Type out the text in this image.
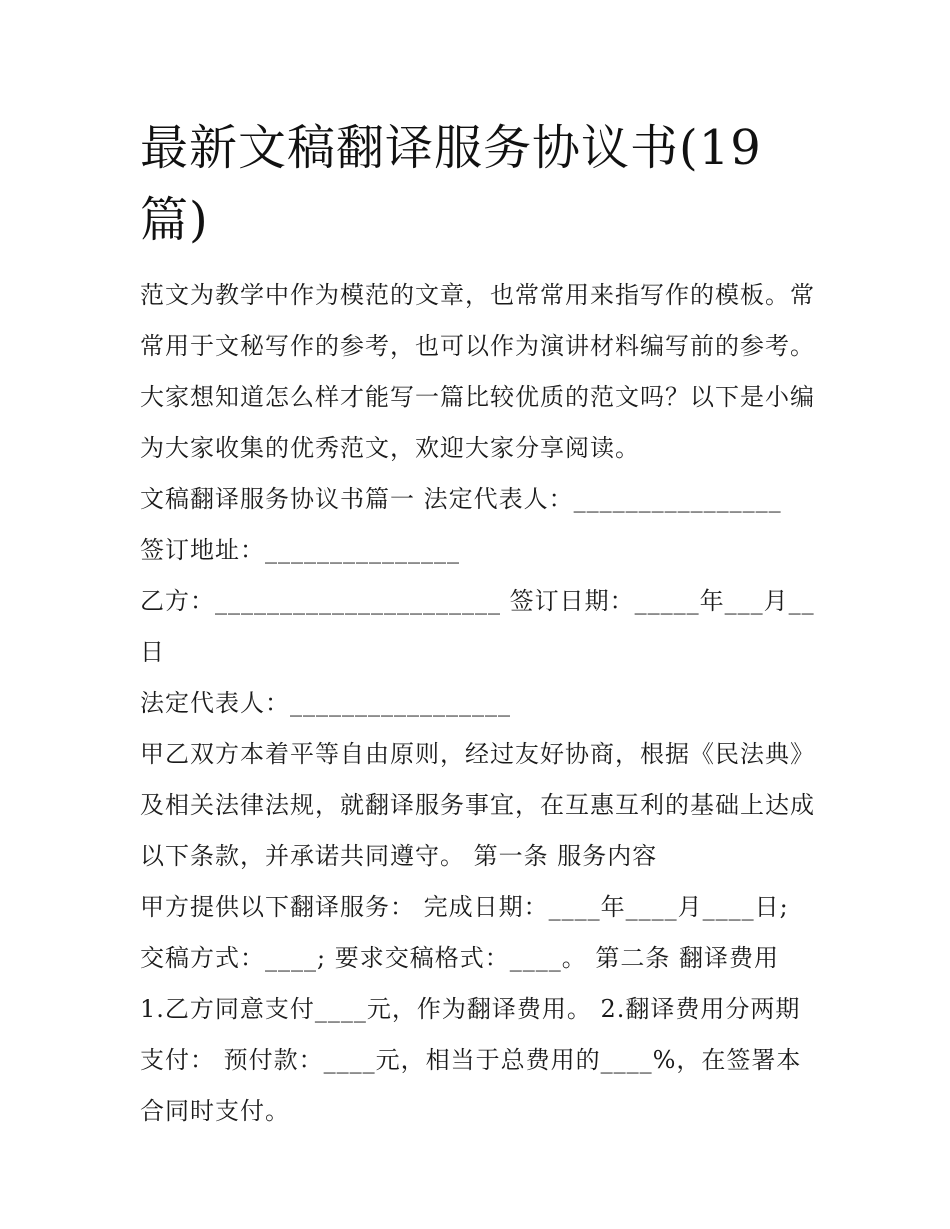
最新文稿翻译服务协议书(19篇)

范文为教学中作为模范的文章，也常常用来指写作的模板。常常用于文秘写作的参考，也可以作为演讲材料编写前的参考。大家想知道怎么样才能写一篇比较优质的范文吗？以下是小编为大家收集的优秀范文，欢迎大家分享阅读。

文稿翻译服务协议书篇一 法定代表人：________________ 签订地址：_______________

乙方：______________________ 签订日期：_____年___月__日

法定代表人：_________________

甲乙双方本着平等自由原则，经过友好协商，根据《民法典》及相关法律法规，就翻译服务事宜，在互惠互利的基础上达成以下条款，并承诺共同遵守。 第一条 服务内容

甲方提供以下翻译服务： 完成日期：____年____月____日; 交稿方式：____; 要求交稿格式：____。 第二条 翻译费用

1.乙方同意支付____元，作为翻译费用。 2.翻译费用分两期支付： 预付款：____元，相当于总费用的____%，在签署本合同时支付。
